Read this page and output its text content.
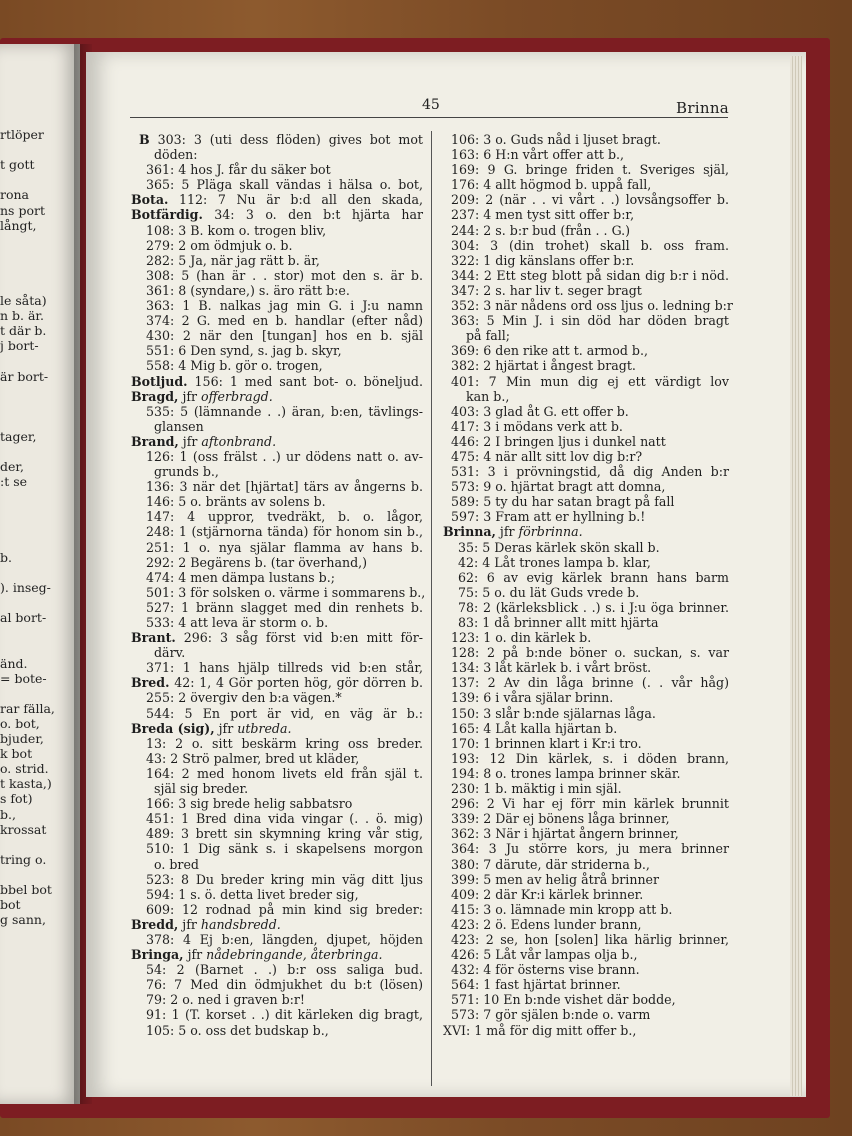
rtlöper
t gott
rona
ns port
långt,
le såta)
n b. är.
t där b.
j bort-
är bort-
tager,
der,
:t se
b.
). inseg-
al bort-
änd.
= bote-
rar fälla,
o. bot,
bjuder,
k bot
o. strid.
t kasta,)
s fot)
b.,
krossat
tring o.
bbel bot
bot
g sann,
45	Brinna
B 303: 3 (uti dess flöden) gives bot mot
döden:
361: 4 hos J. får du säker bot
365: 5 Pläga skall vändas i hälsa o. bot,
Bota. 112: 7 Nu är b:d all den skada,
Botfärdig. 34: 3 o. den b:t hjärta har
108: 3 B. kom o. trogen bliv,
279: 2 om ödmjuk o. b.
282: 5 Ja, när jag rätt b. är,
308: 5 (han är . . stor) mot den s. är b.
361: 8 (syndare,) s. äro rätt b:e.
363: 1 B. nalkas jag min G. i J:u namn
374: 2 G. med en b. handlar (efter nåd)
430: 2 när den [tungan] hos en b. själ
551: 6 Den synd, s. jag b. skyr,
558: 4 Mig b. gör o. trogen,
Botljud. 156: 1 med sant bot- o. böneljud.
Bragd, jfr offerbragd.
535: 5 (lämnande . .) äran, b:en, tävlings-
glansen
Brand, jfr aftonbrand.
126: 1 (oss frälst . .) ur dödens natt o. av-
grunds b.,
136: 3 när det [hjärtat] tärs av ångerns b.
146: 5 o. bränts av solens b.
147: 4 uppror, tvedräkt, b. o. lågor,
248: 1 (stjärnorna tända) för honom sin b.,
251: 1 o. nya själar flamma av hans b.
292: 2 Begärens b. (tar överhand,)
474: 4 men dämpa lustans b.;
501: 3 för solsken o. värme i sommarens b.,
527: 1 bränn slagget med din renhets b.
533: 4 att leva är storm o. b.
Brant. 296: 3 såg först vid b:en mitt för-
därv.
371: 1 hans hjälp tillreds vid b:en står,
Bred. 42: 1, 4 Gör porten hög, gör dörren b.
255: 2 övergiv den b:a vägen.*
544: 5 En port är vid, en väg är b.:
Breda (sig), jfr utbreda.
13: 2 o. sitt beskärm kring oss breder.
43: 2 Strö palmer, bred ut kläder,
164: 2 med honom livets eld från själ t.
själ sig breder.
166: 3 sig brede helig sabbatsro
451: 1 Bred dina vida vingar (. . ö. mig)
489: 3 brett sin skymning kring vår stig,
510: 1 Dig sänk s. i skapelsens morgon
o. bred
523: 8 Du breder kring min väg ditt ljus
594: 1 s. ö. detta livet breder sig,
609: 12 rodnad på min kind sig breder:
Bredd, jfr handsbredd.
378: 4 Ej b:en, längden, djupet, höjden
Bringa, jfr nådebringande, återbringa.
54: 2 (Barnet . .) b:r oss saliga bud.
76: 7 Med din ödmjukhet du b:t (lösen)
79: 2 o. ned i graven b:r!
91: 1 (T. korset . .) dit kärleken dig bragt,
105: 5 o. oss det budskap b.,
106: 3 o. Guds nåd i ljuset bragt.
163: 6 H:n vårt offer att b.,
169: 9 G. bringe friden t. Sveriges själ,
176: 4 allt högmod b. uppå fall,
209: 2 (när . . vi vårt . .) lovsångsoffer b.
237: 4 men tyst sitt offer b:r,
244: 2 s. b:r bud (från . . G.)
304: 3 (din trohet) skall b. oss fram.
322: 1 dig känslans offer b:r.
344: 2 Ett steg blott på sidan dig b:r i nöd.
347: 2 s. har liv t. seger bragt
352: 3 när nådens ord oss ljus o. ledning b:r
363: 5 Min J. i sin död har döden bragt
på fall;
369: 6 den rike att t. armod b.,
382: 2 hjärtat i ångest bragt.
401: 7 Min mun dig ej ett värdigt lov
kan b.,
403: 3 glad åt G. ett offer b.
417: 3 i mödans verk att b.
446: 2 I bringen ljus i dunkel natt
475: 4 när allt sitt lov dig b:r?
531: 3 i prövningstid, då dig Anden b:r
573: 9 o. hjärtat bragt att domna,
589: 5 ty du har satan bragt på fall
597: 3 Fram att er hyllning b.!
Brinna, jfr förbrinna.
35: 5 Deras kärlek skön skall b.
42: 4 Låt trones lampa b. klar,
62: 6 av evig kärlek brann hans barm
75: 5 o. du lät Guds vrede b.
78: 2 (kärleksblick . .) s. i J:u öga brinner.
83: 1 då brinner allt mitt hjärta
123: 1 o. din kärlek b.
128: 2 på b:nde böner o. suckan, s. var
134: 3 låt kärlek b. i vårt bröst.
137: 2 Av din låga brinne (. . vår håg)
139: 6 i våra själar brinn.
150: 3 slår b:nde själarnas låga.
165: 4 Låt kalla hjärtan b.
170: 1 brinnen klart i Kr:i tro.
193: 12 Din kärlek, s. i döden brann,
194: 8 o. trones lampa brinner skär.
230: 1 b. mäktig i min själ.
296: 2 Vi har ej förr min kärlek brunnit
339: 2 Där ej bönens låga brinner,
362: 3 När i hjärtat ångern brinner,
364: 3 Ju större kors, ju mera brinner
380: 7 därute, där striderna b.,
399: 5 men av helig åtrå brinner
409: 2 där Kr:i kärlek brinner.
415: 3 o. lämnade min kropp att b.
423: 2 ö. Edens lunder brann,
423: 2 se, hon [solen] lika härlig brinner,
426: 5 Låt vår lampas olja b.,
432: 4 för österns vise brann.
564: 1 fast hjärtat brinner.
571: 10 En b:nde vishet där bodde,
573: 7 gör själen b:nde o. varm
XVI: 1 må för dig mitt offer b.,
